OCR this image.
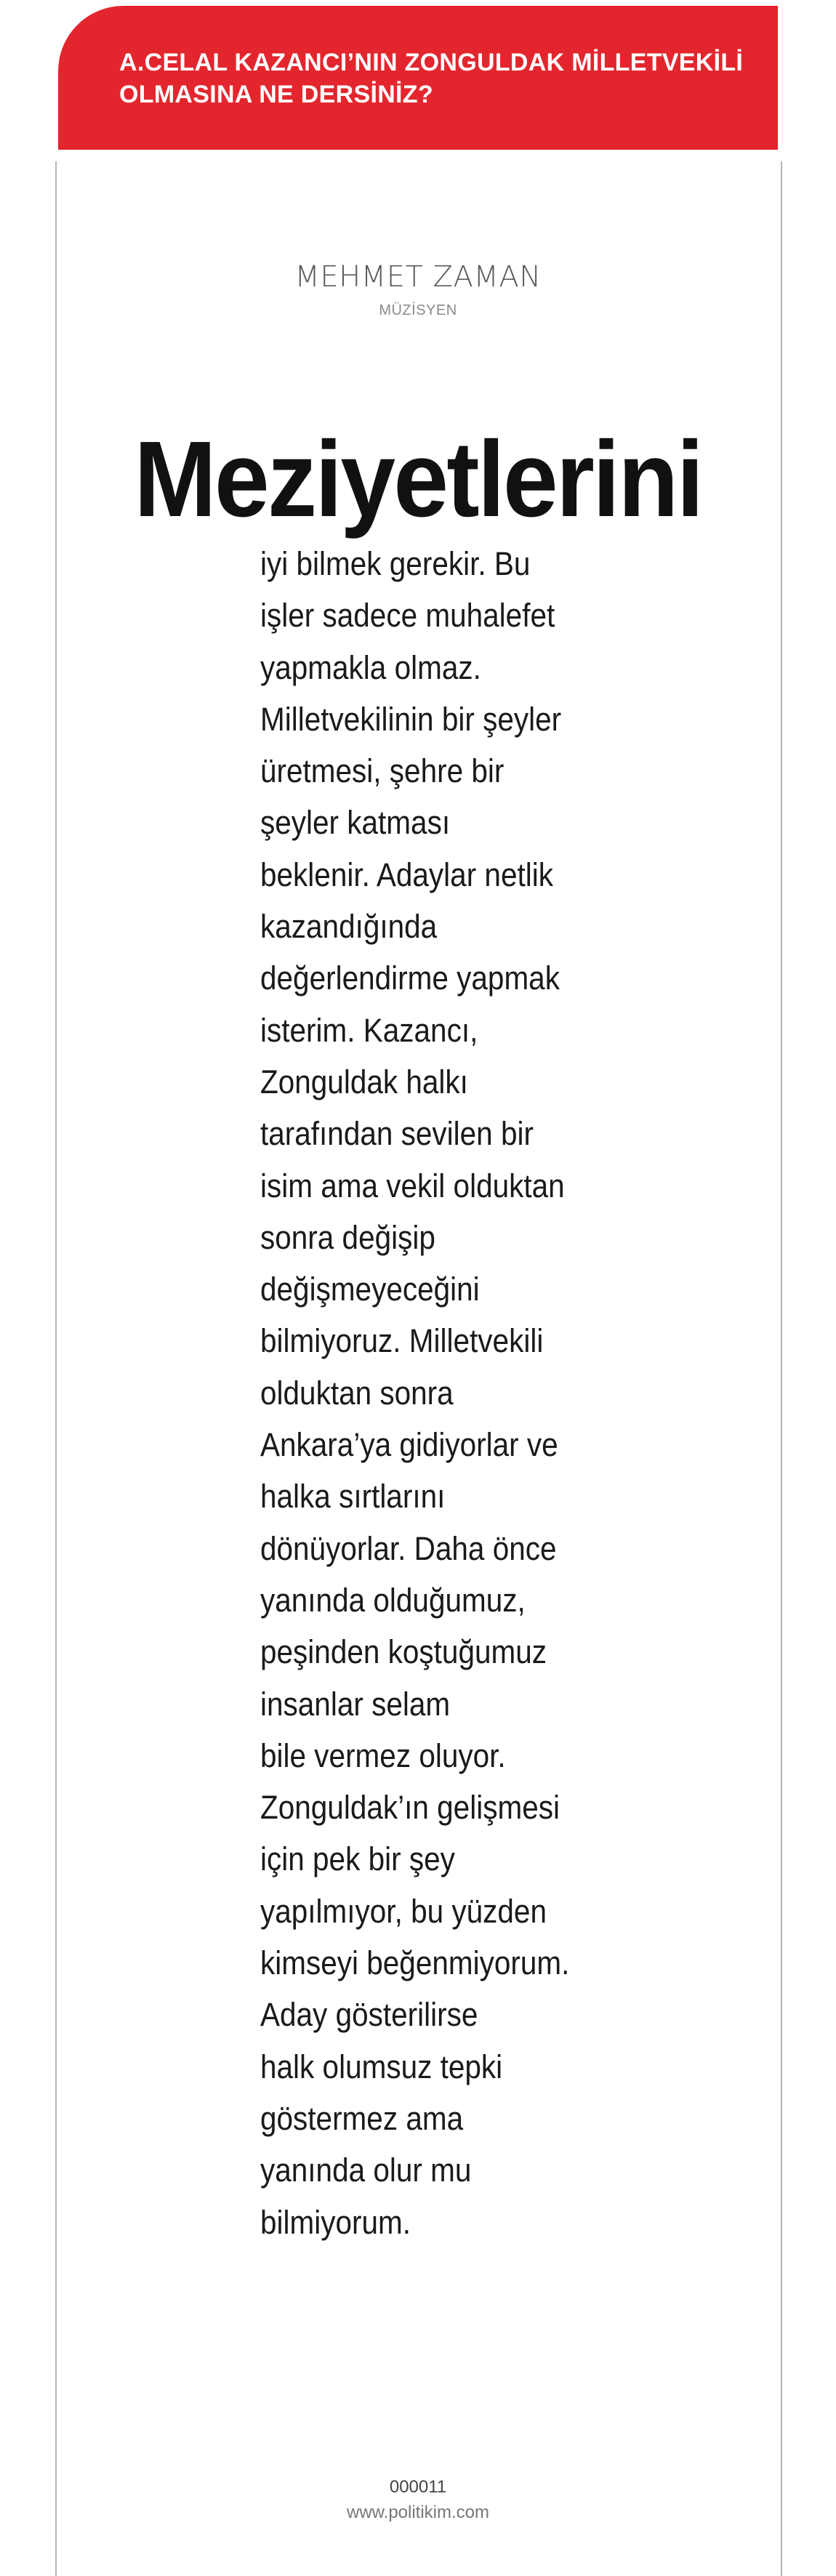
A.CELAL KAZANCI’NIN ZONGULDAK MİLLETVEKİLİ OLMASINA NE DERSİNİZ?
MEHMET ZAMAN
MÜZİSYEN
Meziyetlerini

iyi bilmek gerekir. Bu
işler sadece muhalefet
yapmakla olmaz.
Milletvekilinin bir şeyler
üretmesi, şehre bir
şeyler katması
beklenir. Adaylar netlik
kazandığında
değerlendirme yapmak
isterim. Kazancı,
Zonguldak halkı
tarafından sevilen bir
isim ama vekil olduktan
sonra değişip
değişmeyeceğini
bilmiyoruz. Milletvekili
olduktan sonra
Ankara’ya gidiyorlar ve
halka sırtlarını
dönüyorlar. Daha önce
yanında olduğumuz,
peşinden koştuğumuz
insanlar selam
bile vermez oluyor.
Zonguldak’ın gelişmesi
için pek bir şey
yapılmıyor, bu yüzden
kimseyi beğenmiyorum.
Aday gösterilirse
halk olumsuz tepki
göstermez ama
yanında olur mu
bilmiyorum.

000011
www.politikim.com
